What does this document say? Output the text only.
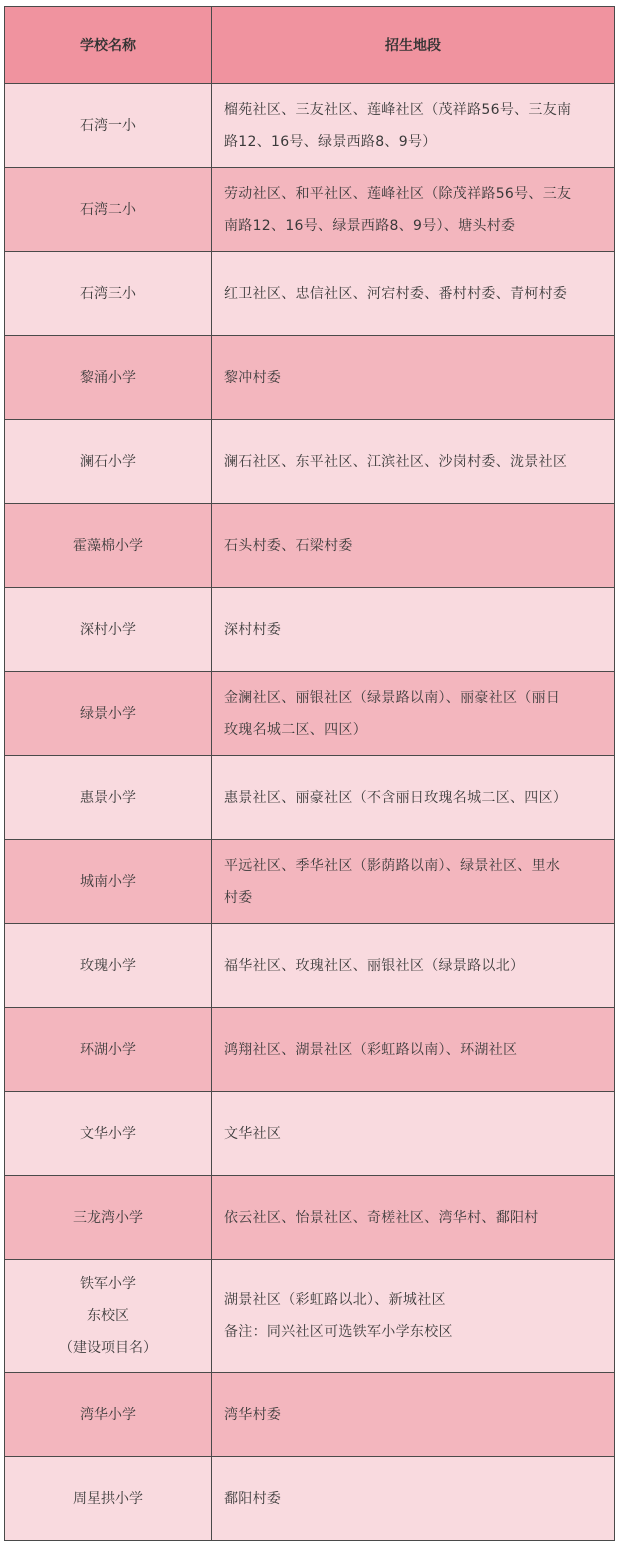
学校名称	招生地段

石湾一小	榴苑社区、三友社区、莲峰社区（茂祥路56号、三友南
路12、16号、绿景西路8、9号）

石湾二小	劳动社区、和平社区、莲峰社区（除茂祥路56号、三友
南路12、16号、绿景西路8、9号）、塘头村委

石湾三小	红卫社区、忠信社区、河宕村委、番村村委、青柯村委

黎涌小学	黎冲村委

澜石小学	澜石社区、东平社区、江滨社区、沙岗村委、泷景社区

霍藻棉小学	石头村委、石梁村委

深村小学	深村村委

绿景小学	金澜社区、丽银社区（绿景路以南）、丽豪社区（丽日
玫瑰名城二区、四区）

惠景小学	惠景社区、丽豪社区（不含丽日玫瑰名城二区、四区）

城南小学	平远社区、季华社区（影荫路以南）、绿景社区、里水
村委

玫瑰小学	福华社区、玫瑰社区、丽银社区（绿景路以北）

环湖小学	鸿翔社区、湖景社区（彩虹路以南）、环湖社区

文华小学	文华社区

三龙湾小学	依云社区、怡景社区、奇槎社区、湾华村、鄱阳村

铁军小学
东校区
（建设项目名）	湖景社区（彩虹路以北）、新城社区
备注：同兴社区可选铁军小学东校区

湾华小学	湾华村委

周星拱小学	鄱阳村委
